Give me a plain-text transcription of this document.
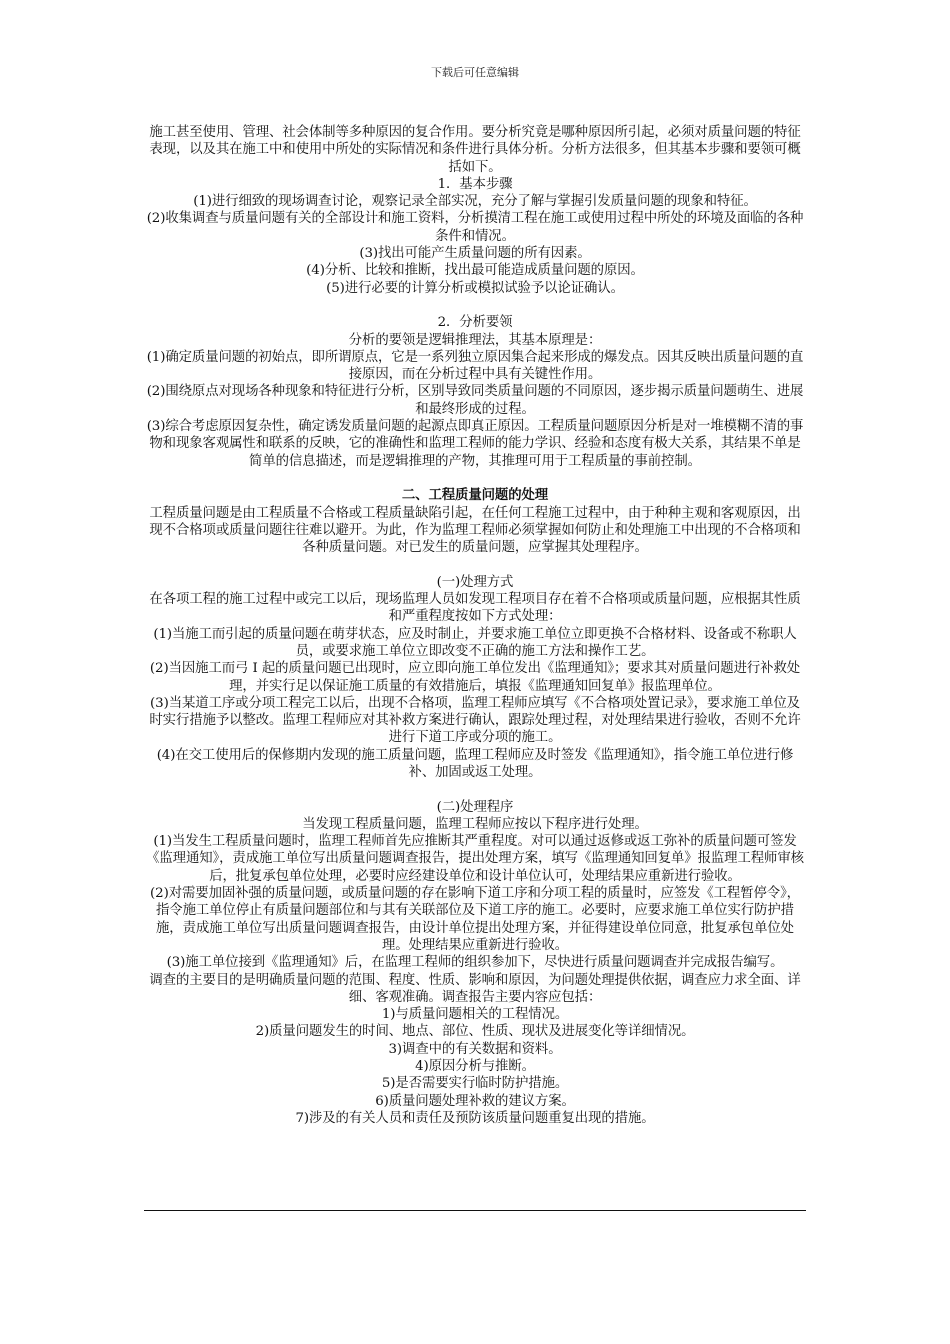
下载后可任意编辑

施工甚至使用、管理、社会体制等多种原因的复合作用。要分析究竟是哪种原因所引起，必须对质量问题的特征表现，以及其在施工中和使用中所处的实际情况和条件进行具体分析。分析方法很多，但其基本步骤和要领可概括如下。

1．基本步骤

(1)进行细致的现场调查讨论，观察记录全部实况，充分了解与掌握引发质量问题的现象和特征。

(2)收集调查与质量问题有关的全部设计和施工资料，分析摸清工程在施工或使用过程中所处的环境及面临的各种条件和情况。

(3)找出可能产生质量问题的所有因素。

(4)分析、比较和推断，找出最可能造成质量问题的原因。

(5)进行必要的计算分析或模拟试验予以论证确认。

2．分析要领

分析的要领是逻辑推理法，其基本原理是：

(1)确定质量问题的初始点，即所谓原点，它是一系列独立原因集合起来形成的爆发点。因其反映出质量问题的直接原因，而在分析过程中具有关键性作用。

(2)围绕原点对现场各种现象和特征进行分析，区别导致同类质量问题的不同原因，逐步揭示质量问题萌生、进展和最终形成的过程。

(3)综合考虑原因复杂性，确定诱发质量问题的起源点即真正原因。工程质量问题原因分析是对一堆模糊不清的事物和现象客观属性和联系的反映，它的准确性和监理工程师的能力学识、经验和态度有极大关系，其结果不单是简单的信息描述，而是逻辑推理的产物，其推理可用于工程质量的事前控制。

二、工程质量问题的处理

工程质量问题是由工程质量不合格或工程质量缺陷引起，在任何工程施工过程中，由于种种主观和客观原因，出现不合格项或质量问题往往难以避开。为此，作为监理工程师必须掌握如何防止和处理施工中出现的不合格项和各种质量问题。对已发生的质量问题，应掌握其处理程序。

(一)处理方式

在各项工程的施工过程中或完工以后，现场监理人员如发现工程项目存在着不合格项或质量问题，应根据其性质和严重程度按如下方式处理：

(1)当施工而引起的质量问题在萌芽状态，应及时制止，并要求施工单位立即更换不合格材料、设备或不称职人员，或要求施工单位立即改变不正确的施工方法和操作工艺。

(2)当因施工而弓 I 起的质量问题已出现时，应立即向施工单位发出《监理通知》；要求其对质量问题进行补救处理，并实行足以保证施工质量的有效措施后，填报《监理通知回复单》报监理单位。

(3)当某道工序或分项工程完工以后，出现不合格项，监理工程师应填写《不合格项处置记录》，要求施工单位及时实行措施予以整改。监理工程师应对其补救方案进行确认，跟踪处理过程，对处理结果进行验收，否则不允许进行下道工序或分项的施工。

(4)在交工使用后的保修期内发现的施工质量问题，监理工程师应及时签发《监理通知》，指令施工单位进行修补、加固或返工处理。

(二)处理程序

当发现工程质量问题，监理工程师应按以下程序进行处理。

(1)当发生工程质量问题时，监理工程师首先应推断其严重程度。对可以通过返修或返工弥补的质量问题可签发《监理通知》，责成施工单位写出质量问题调查报告，提出处理方案，填写《监理通知回复单》报监理工程师审核后，批复承包单位处理，必要时应经建设单位和设计单位认可，处理结果应重新进行验收。

(2)对需要加固补强的质量问题，或质量问题的存在影响下道工序和分项工程的质量时，应签发《工程暂停令》，指令施工单位停止有质量问题部位和与其有关联部位及下道工序的施工。必要时，应要求施工单位实行防护措施，责成施工单位写出质量问题调查报告，由设计单位提出处理方案，并征得建设单位同意，批复承包单位处理。处理结果应重新进行验收。

(3)施工单位接到《监理通知》后，在监理工程师的组织参加下，尽快进行质量问题调查并完成报告编写。

调查的主要目的是明确质量问题的范围、程度、性质、影响和原因，为问题处理提供依据，调查应力求全面、详细、客观准确。调查报告主要内容应包括：

1)与质量问题相关的工程情况。

2)质量问题发生的时间、地点、部位、性质、现状及进展变化等详细情况。

3)调查中的有关数据和资料。

4)原因分析与推断。

5)是否需要实行临时防护措施。

6)质量问题处理补救的建议方案。

7)涉及的有关人员和责任及预防该质量问题重复出现的措施。
